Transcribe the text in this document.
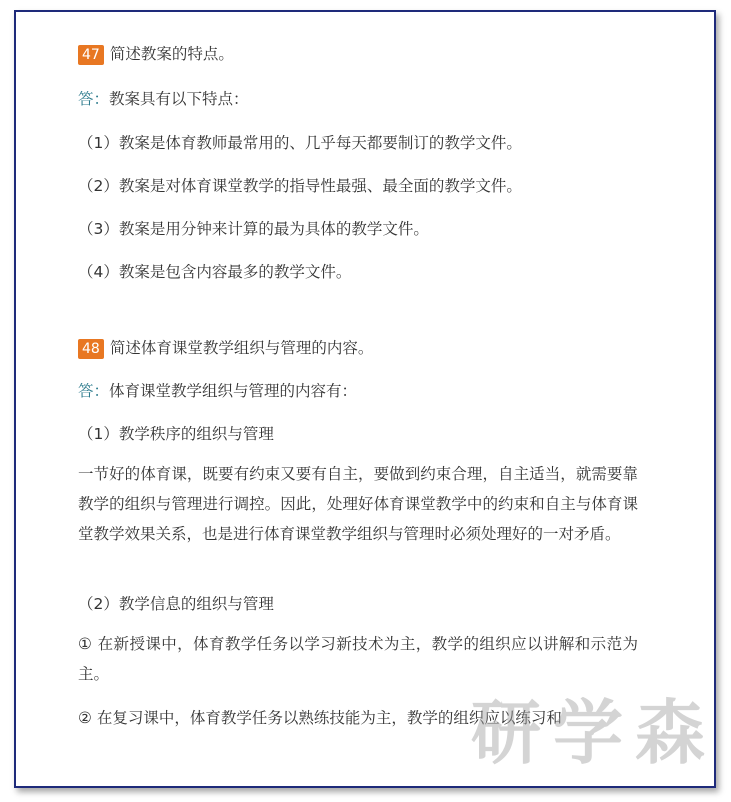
47 简述教案的特点。
答：教案具有以下特点：
（1）教案是体育教师最常用的、几乎每天都要制订的教学文件。
（2）教案是对体育课堂教学的指导性最强、最全面的教学文件。
（3）教案是用分钟来计算的最为具体的教学文件。
（4）教案是包含内容最多的教学文件。
48 简述体育课堂教学组织与管理的内容。
答：体育课堂教学组织与管理的内容有：
（1）教学秩序的组织与管理
一节好的体育课，既要有约束又要有自主，要做到约束合理，自主适当，就需要靠教学的组织与管理进行调控。因此，处理好体育课堂教学中的约束和自主与体育课堂教学效果关系，也是进行体育课堂教学组织与管理时必须处理好的一对矛盾。
（2）教学信息的组织与管理
① 在新授课中，体育教学任务以学习新技术为主，教学的组织应以讲解和示范为主。
② 在复习课中，体育教学任务以熟练技能为主，教学的组织应以练习和
研学森
